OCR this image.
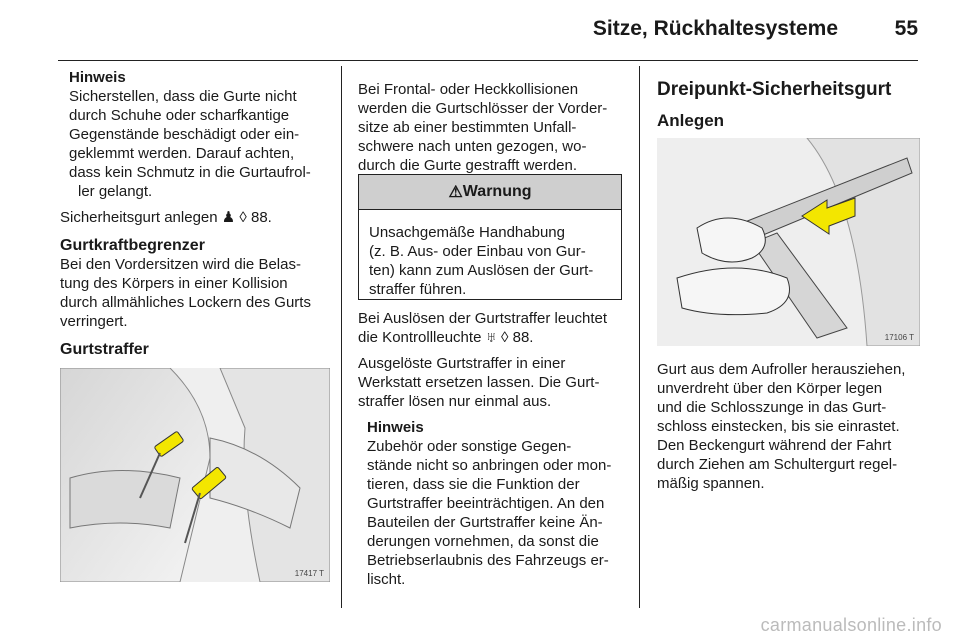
Sitze, Rückhaltesysteme	55
Hinweis

Sicherstellen, dass die Gurte nicht

durch Schuhe oder scharfkantige

Gegenstände beschädigt oder ein-

geklemmt werden. Darauf achten,

dass kein Schmutz in die Gurtaufrol-

ler gelangt.

Sicherheitsgurt anlegen ♟ ◊ 88.

Gurtkraftbegrenzer

Bei den Vordersitzen wird die Belas-

tung des Körpers in einer Kollision

durch allmähliches Lockern des Gurts

verringert.

Gurtstraffer

17417 T

Bei Frontal- oder Heckkollisionen

werden die Gurtschlösser der Vorder-

sitze ab einer bestimmten Unfall-

schwere nach unten gezogen, wo-

durch die Gurte gestrafft werden.

⚠ Warnung

Unsachgemäße Handhabung

(z. B. Aus- oder Einbau von Gur-

ten) kann zum Auslösen der Gurt-

straffer führen.

Bei Auslösen der Gurtstraffer leuchtet

die Kontrollleuchte ♅ ◊ 88.

Ausgelöste Gurtstraffer in einer

Werkstatt ersetzen lassen. Die Gurt-

straffer lösen nur einmal aus.

Hinweis

Zubehör oder sonstige Gegen-

stände nicht so anbringen oder mon-

tieren, dass sie die Funktion der

Gurtstraffer beeinträchtigen. An den

Bauteilen der Gurtstraffer keine Än-

derungen vornehmen, da sonst die

Betriebserlaubnis des Fahrzeugs er-

lischt.

Dreipunkt-Sicherheitsgurt

Anlegen

17106 T

Gurt aus dem Aufroller herausziehen,

unverdreht über den Körper legen

und die Schlosszunge in das Gurt-

schloss einstecken, bis sie einrastet.

Den Beckengurt während der Fahrt

durch Ziehen am Schultergurt regel-

mäßig spannen.

carmanualsonline.info
